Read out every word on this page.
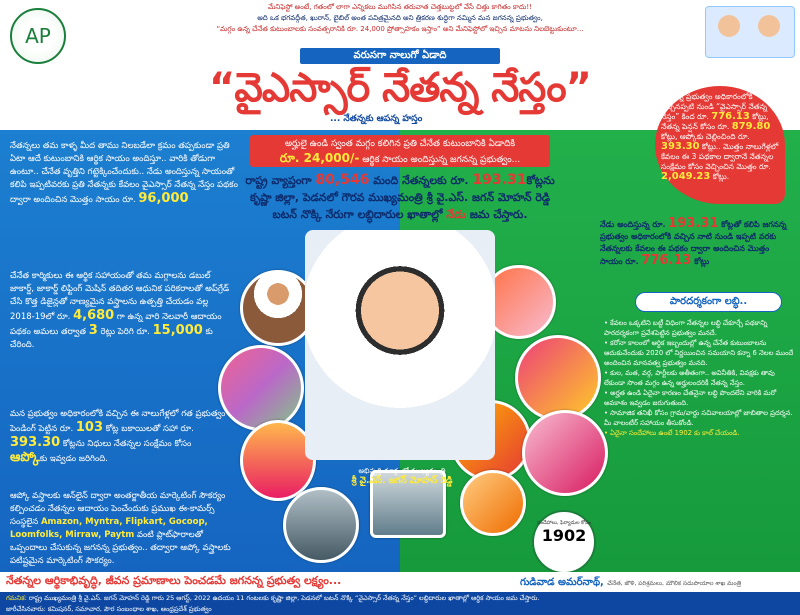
AP
మేనిఫెస్టో అంటే, గతంలో లాగా ఎన్నికలు ముగిసిన తరువాత చెత్తబుట్టలో వేసే చిత్తు కాగితం కాదు!!
అది ఒక భగవద్గీత, ఖురాన్, బైబిల్ అంత పవిత్రమైనది అని త్రికరణ శుద్ధిగా నమ్మిన మన జగనన్న ప్రభుత్వం,
“మగ్గం ఉన్న చేనేత కుటుంబాలకు సంవత్సరానికి రూ. 24,000 ప్రోత్సాహకం ఇస్తాం” అని మేనిఫెస్టోలో ఇచ్చిన మాటను నిలబెట్టుకుంటూ...
వరుసగా నాలుగో ఏడాది
“వైఎస్సార్ నేతన్న నేస్తం”
... నేతన్నకు ఆపన్న హస్తం
అర్హులై ఉండి స్వంత మగ్గం కలిగిన ప్రతి చేనేత కుటుంబానికి ఏడాదికి
రూ. 24,000/- ఆర్థిక సాయం అందిస్తున్న జగనన్న ప్రభుత్వం...
రాష్ట్ర వ్యాప్తంగా 80,546 మంది నేతన్నలకు రూ. 193.31కోట్లను
కృష్ణా జిల్లా, పెడనలో గౌరవ ముఖ్యమంత్రి శ్రీ వై.ఎస్. జగన్ మోహన్ రెడ్డి
బటన్ నొక్కి నేరుగా లబ్ధిదారుల ఖాతాల్లో నేడు జమ చేస్తారు.
నేతన్నలు తమ కాళ్ళ మీద తాము నిలబడేలా క్రమం తప్పకుండా ప్రతి ఏటా ఆదే కుటుంబానికి ఆర్థిక సాయం అందిస్తూ.. వారికి తోడుగా ఉంటూ.. చేనేత వృత్తిని గట్టెక్కించేందుకు.. నేడు అందిస్తున్న సాయంతో కలిపి ఇప్పటివరకు ప్రతి నేతన్నకు కేవలం వైఎస్సార్ నేతన్న నేస్తం పథకం ద్వారా అందించిన మొత్తం సాయం రూ. 96,000
చేనేత కార్మికులు ఈ ఆర్థిక సహాయంతో తమ మగ్గాలను డబుల్ జాకార్డ్, జాకార్డ్ లిఫ్టింగ్ మెషిన్ తదితర ఆధునిక పరికరాలతో అప్‌గ్రేడ్ చేసి కొత్త డిజైన్లతో నాణ్యమైన వస్త్రాలను ఉత్పత్తి చేయడం వల్ల 2018-19లో రూ. 4,680 గా ఉన్న వారి నెలవారీ ఆదాయం పథకం అమలు తర్వాత 3 రెట్లు పెరిగి రూ. 15,000 కు చేరింది.
మన ప్రభుత్వం అధికారంలోకి వచ్చిన ఈ నాలుగేళ్లలో గత ప్రభుత్వం పెండింగ్ పెట్టిన రూ. 103 కోట్ల బకాయిలతో సహా రూ. 393.30 కోట్లను నిధులు నేతన్నల సంక్షేమం కోసం ఆప్కోకు ఇవ్వడం జరిగింది.
ఆప్కో వస్త్రాలకు ఆన్‌లైన్ ద్వారా అంతర్జాతీయ మార్కెటింగ్ సౌకర్యం కల్పించడం నేతన్నల ఆదాయం పెంచేందుకు ప్రముఖ ఈ-కామర్స్ సంస్థలైన Amazon, Myntra, Flipkart, Gocoop, Loomfolks, Mirraw, Paytm వంటి ప్లాట్‌ఫారాలతో ఒప్పందాలు చేసుకున్న జగనన్న ప్రభుత్వం.. తద్వారా ఆప్కో వస్త్రాలకు పటిష్టమైన మార్కెటింగ్ సౌకర్యం.
అభివృద్ధి మార్గంలో ముఖ్యమంత్రి
శ్రీ వై.ఎస్. జగన్ మోహన్ రెడ్డి
జగనన్న ప్రభుత్వం అధికారంలోకి వచ్చినప్పటి నుండి “వైఎస్సార్ నేతన్న నేస్తం” కింద రూ. 776.13 కోట్లు, నేతన్న పెన్షన్ కోసం రూ. 879.80 కోట్లు, ఆప్కోకు చెల్లించింది రూ. 393.30 కోట్లు.. మొత్తం నాలుగేళ్లలో కేవలం ఈ 3 పథకాల ద్వారానే నేతన్నల సంక్షేమం కోసం వెచ్చించిన మొత్తం రూ. 2,049.23 కోట్లు.
నేడు అందిస్తున్న రూ. 193.31 కోట్లతో కలిపి జగనన్న ప్రభుత్వం అధికారంలోకి వచ్చిన నాటి నుండి ఇప్పటి వరకు నేతన్నలకు కేవలం ఈ పథకం ద్వారా అందించిన మొత్తం సాయం రూ. 776.13 కోట్లు
పారదర్శకంగా లబ్ధి..
• కేవలం ఒక్కటిని బట్టీ విధింగా నేతన్నల లబ్ధి చేకూర్చే పథకాన్ని పారదర్శకంగా ప్రవేశపెట్టిన ప్రభుత్వం మనదే.
• కరోనా కాలంలో ఆర్థిక ఇబ్బందుల్లో ఉన్న చేనేత కుటుంబాలను ఆదుకునేందుకు 2020 లో నిర్ణయించిన సమయాని కన్నా 6 నెలల ముందే అందించిన మానవత్వ ప్రభుత్వం మనది.
• కుల, మత, వర్గ, పార్టీలకు అతీతంగా.. అవినీతికి, వివక్షకు తావు లేకుండా సొంత మగ్గం ఉన్న అర్హులందరికీ నేతన్న నేస్తం.
• అర్హత ఉండి ఏదైనా కారణం చేతనైనా లబ్ధి పొందలేని వారికి మరో అవకాశం ఇవ్వడం జరుగుతుంది.
• సామాజిక తనిఖీ కోసం గ్రామ/వార్డు సచివాలయాల్లో జాబితాల ప్రదర్శన. మీ వాలంటీర్ సహాయం తీసుకోండి.
• ఏదైనా సందేహాలు ఉంటే 1902 కు కాల్ చేయండి.
సందేహాలు, ఫిర్యాదుల కోసం
1902
నేతన్నల ఆర్థికాభివృద్ధి, జీవన ప్రమాణాలు పెంచడమే జగనన్న ప్రభుత్వ లక్ష్యం...	గుడివాడ అమర్‌నాథ్, చేనేత, జౌళి, పరిశ్రమలు, మౌలిక సదుపాయాల శాఖ మంత్రి
గమనిక: రాష్ట్ర ముఖ్యమంత్రి శ్రీ వై.ఎస్. జగన్ మోహన్ రెడ్డి గారు 25 ఆగస్ట్, 2022 ఉదయం 11 గంటలకు కృష్ణా జిల్లా, పెడనలో బటన్ నొక్కి “వైఎస్సార్ నేతన్న నేస్తం” లబ్ధిదారుల ఖాతాల్లో ఆర్థిక సాయం జమ చేస్తారు.
జారీచేసినవారు: కమిషనర్, సమాచార, పౌర సంబంధాల శాఖ, ఆంధ్రప్రదేశ్ ప్రభుత్వం
